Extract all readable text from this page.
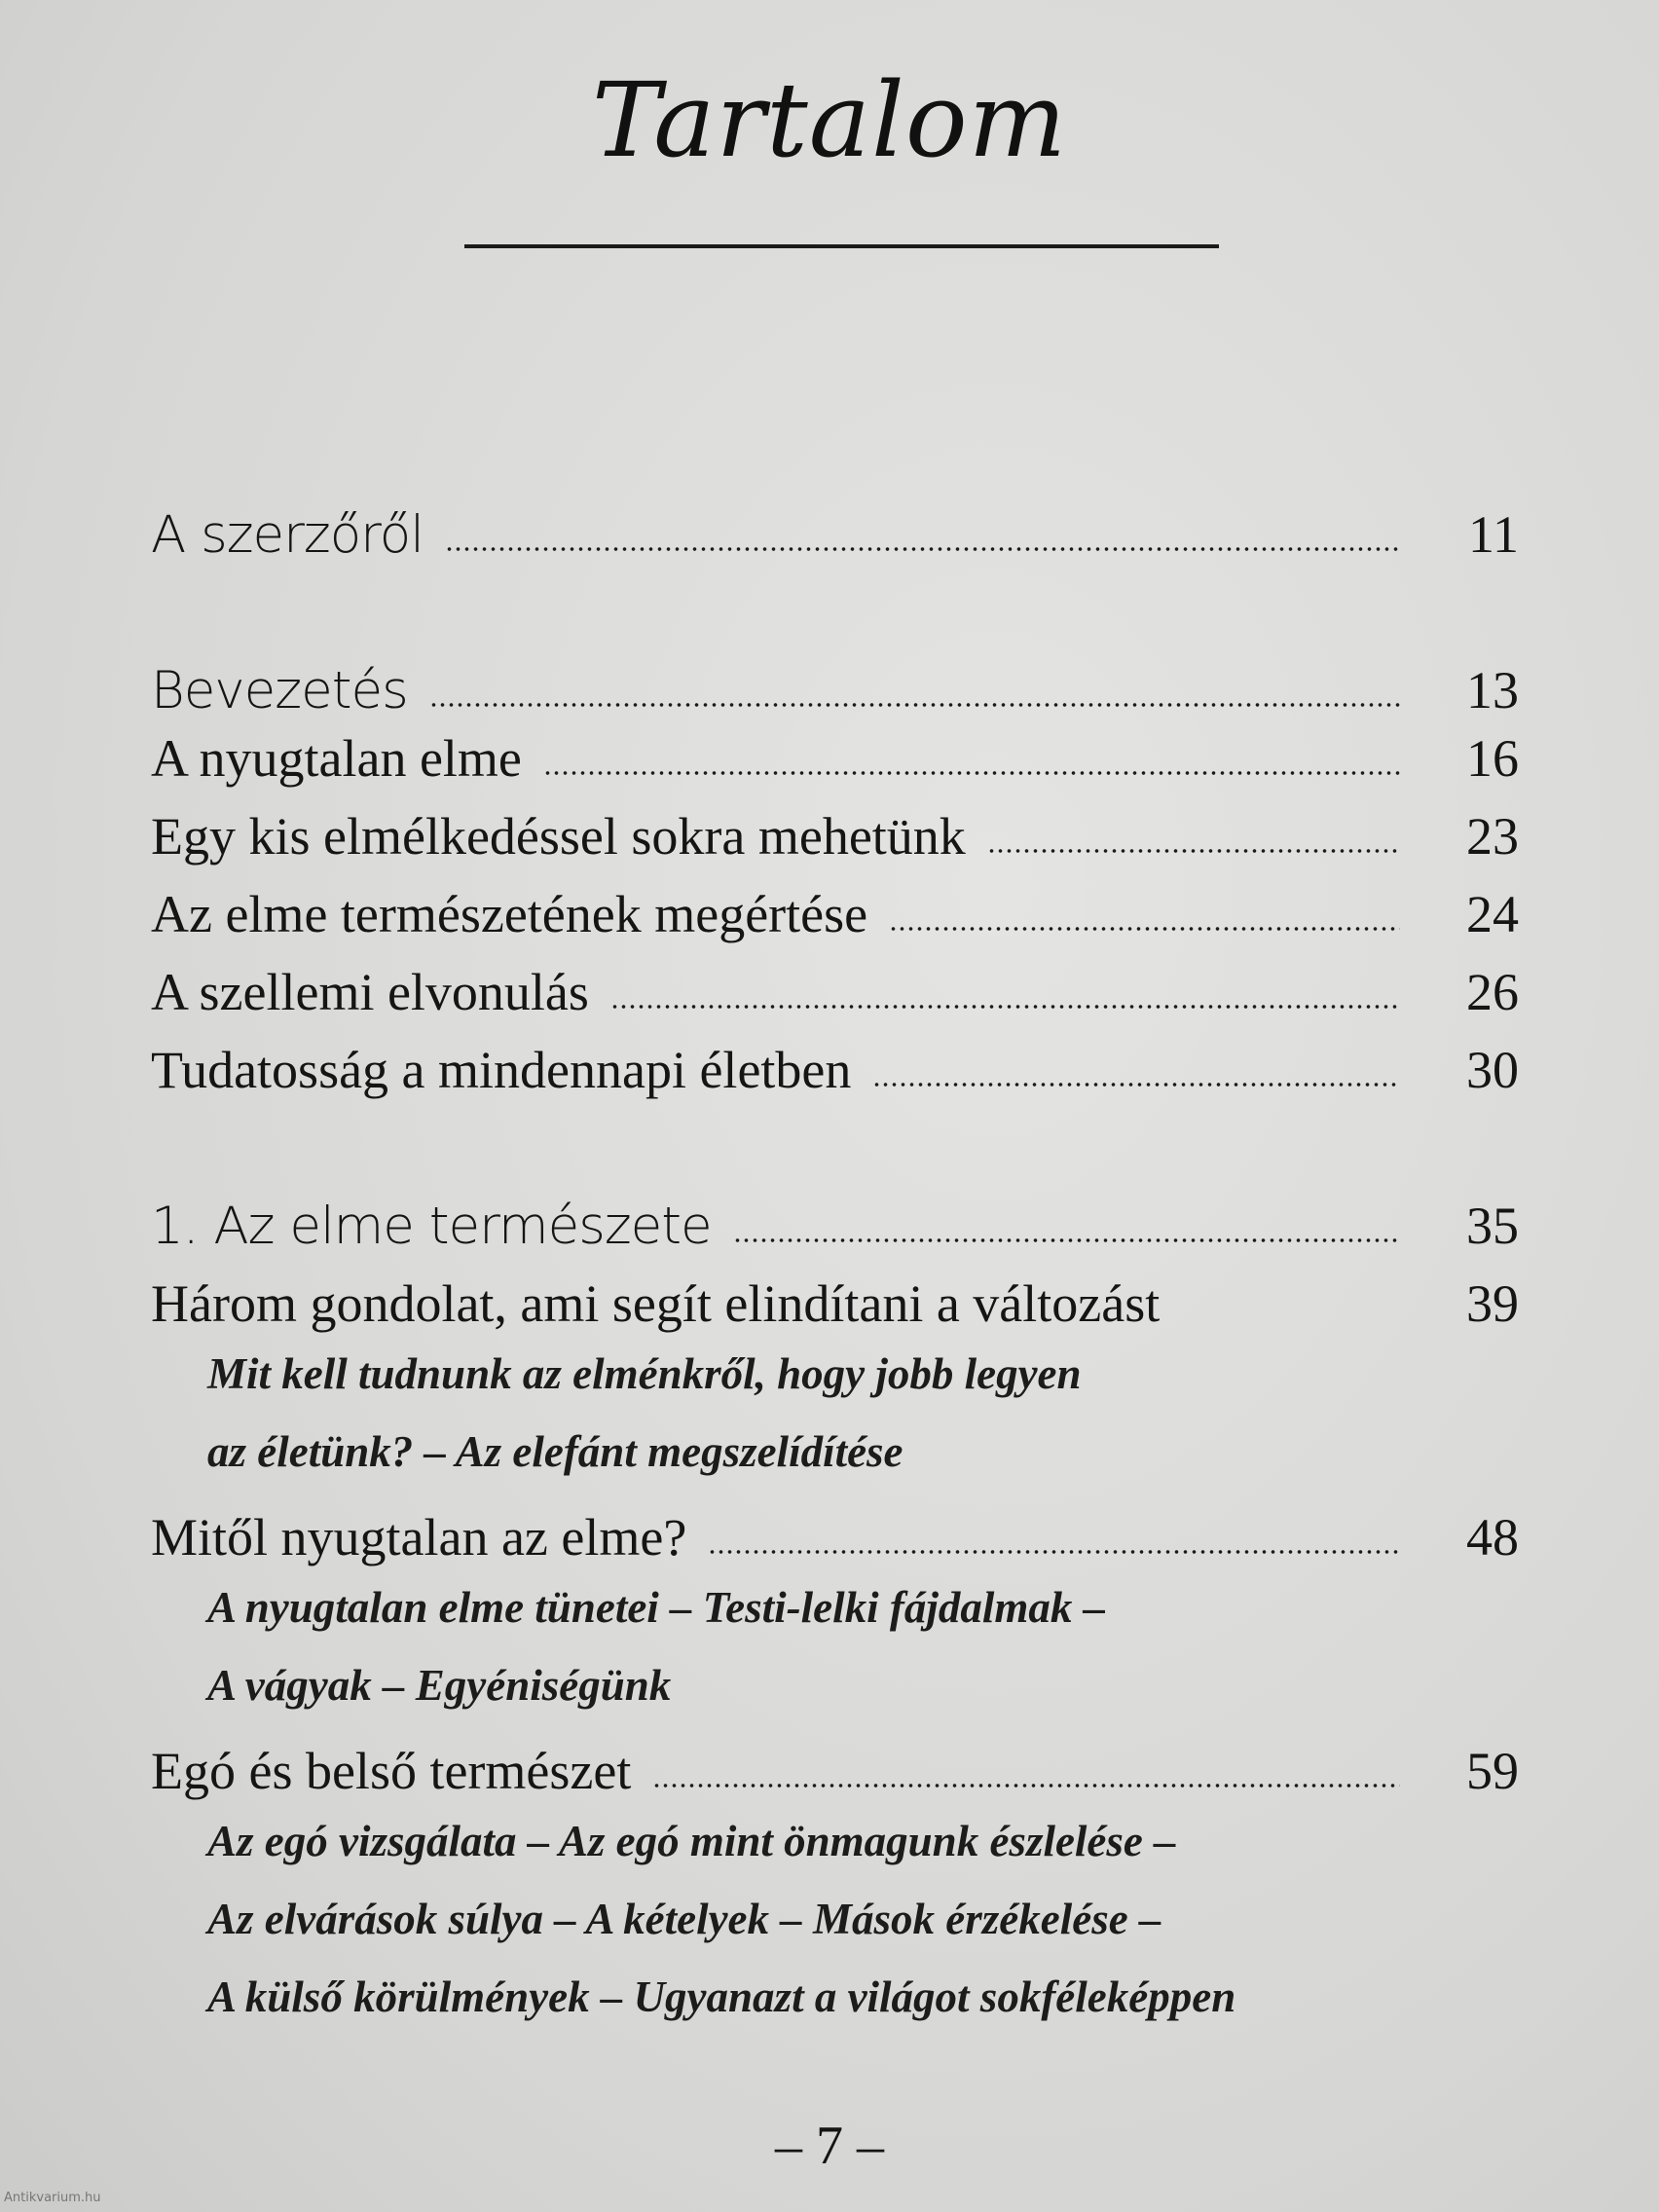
Tartalom
A szerzőről	11
Bevezetés	13
A nyugtalan elme	16
Egy kis elmélkedéssel sokra mehetünk	23
Az elme természetének megértése	24
A szellemi elvonulás	26
Tudatosság a mindennapi életben	30
1. Az elme természete	35
Három gondolat, ami segít elindítani a változást	39
Mit kell tudnunk az elménkről, hogy jobb legyen
az életünk? – Az elefánt megszelídítése
Mitől nyugtalan az elme?	48
A nyugtalan elme tünetei – Testi-lelki fájdalmak –
A vágyak – Egyéniségünk
Egó és belső természet	59
Az egó vizsgálata – Az egó mint önmagunk észlelése –
Az elvárások súlya – A kételyek – Mások érzékelése –
A külső körülmények – Ugyanazt a világot sokféleképpen
– 7 –
Antikvarium.hu
